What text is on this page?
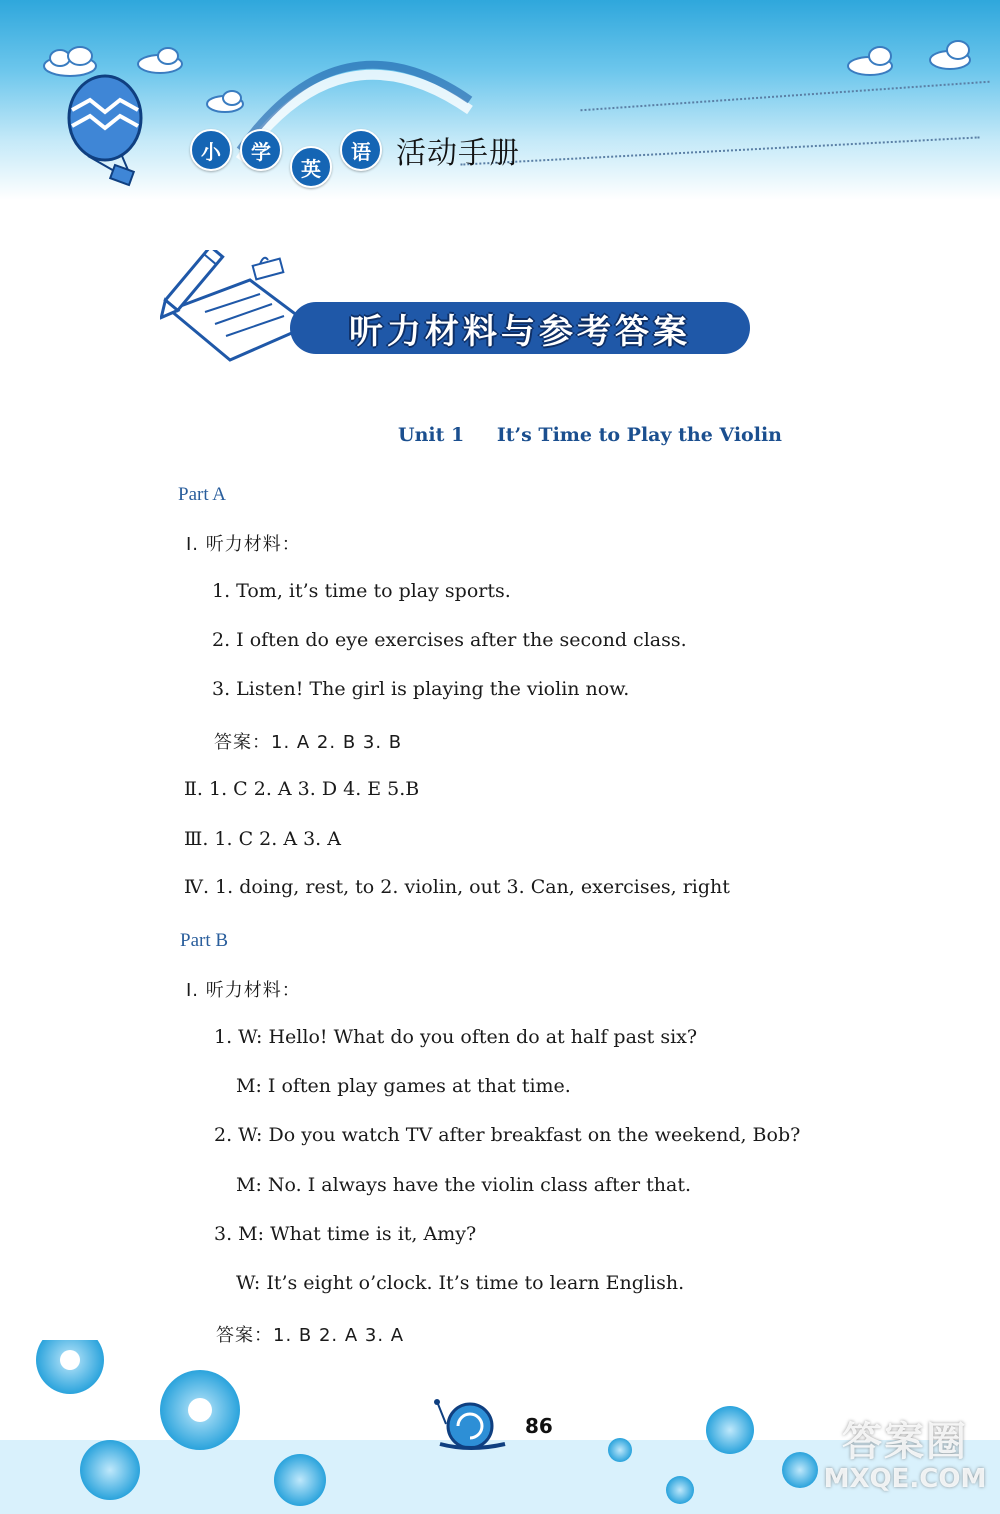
小	学
英
语 活动手册
听力材料与参考答案
Unit 1 It’s Time to Play the Violin
Part A
Ⅰ. 听力材料：
1. Tom, it’s time to play sports.
2. I often do eye exercises after the second class.
3. Listen! The girl is playing the violin now.
答案：1. A 2. B 3. B
Ⅱ. 1. C 2. A 3. D 4. E 5.B
Ⅲ. 1. C 2. A 3. A
Ⅳ. 1. doing, rest, to 2. violin, out 3. Can, exercises, right
Part B
Ⅰ. 听力材料：
1. W: Hello! What do you often do at half past six?
M: I often play games at that time.
2. W: Do you watch TV after breakfast on the weekend, Bob?
M: No. I always have the violin class after that.
3. M: What time is it, Amy?
W: It’s eight o’clock. It’s time to learn English.
答案：1. B 2. A 3. A
86	答案圈
MXQE.COM
